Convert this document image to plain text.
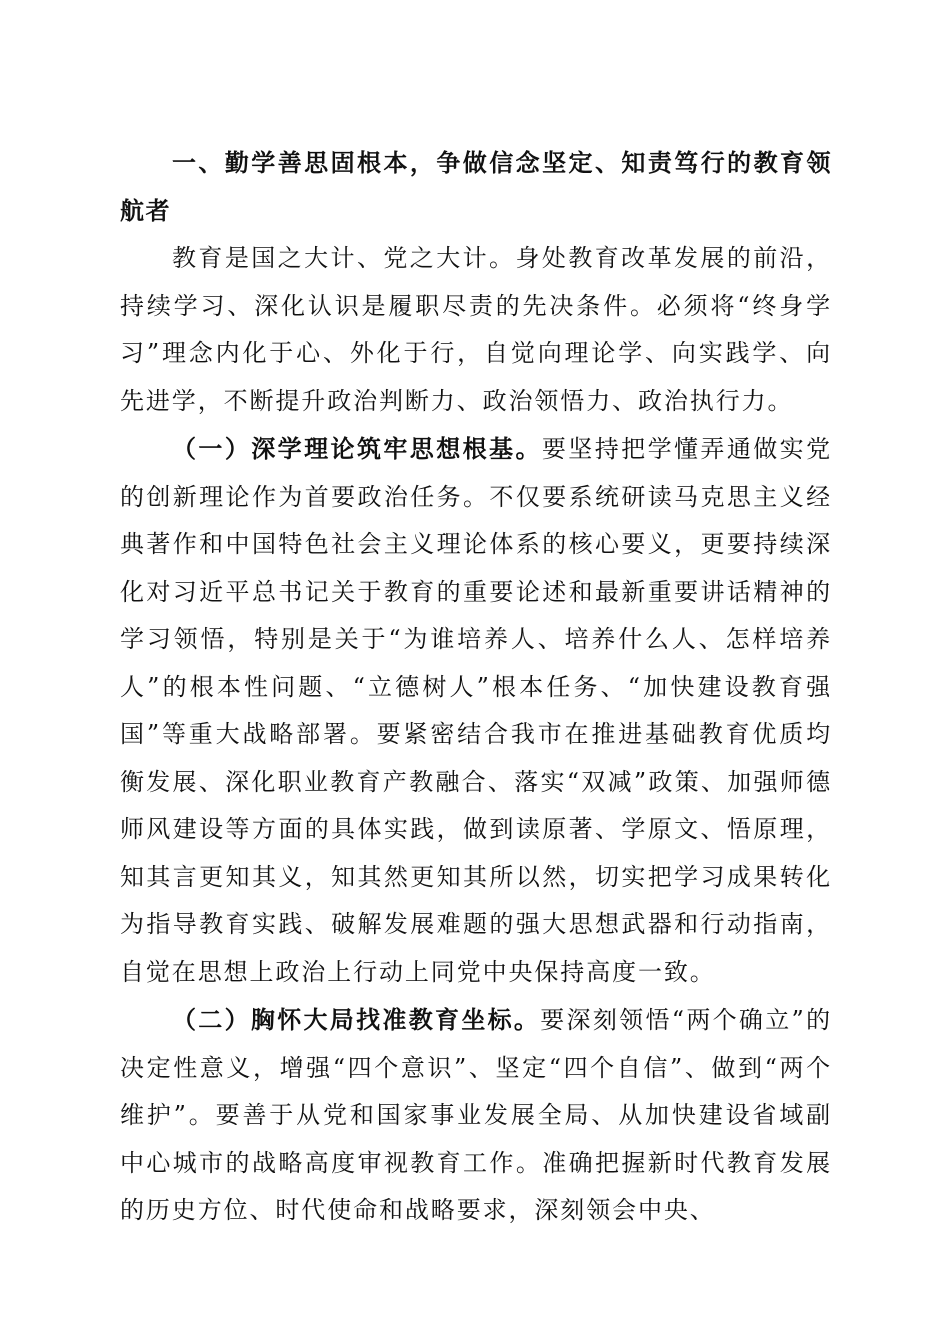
一、勤学善思固根本，争做信念坚定、知责笃行的教育领航者

教育是国之大计、党之大计。身处教育改革发展的前沿，持续学习、深化认识是履职尽责的先决条件。必须将“终身学习”理念内化于心、外化于行，自觉向理论学、向实践学、向先进学，不断提升政治判断力、政治领悟力、政治执行力。

（一）深学理论筑牢思想根基。要坚持把学懂弄通做实党的创新理论作为首要政治任务。不仅要系统研读马克思主义经典著作和中国特色社会主义理论体系的核心要义，更要持续深化对习近平总书记关于教育的重要论述和最新重要讲话精神的学习领悟，特别是关于“为谁培养人、培养什么人、怎样培养人”的根本性问题、“立德树人”根本任务、“加快建设教育强国”等重大战略部署。要紧密结合我市在推进基础教育优质均衡发展、深化职业教育产教融合、落实“双减”政策、加强师德师风建设等方面的具体实践，做到读原著、学原文、悟原理，知其言更知其义，知其然更知其所以然，切实把学习成果转化为指导教育实践、破解发展难题的强大思想武器和行动指南，自觉在思想上政治上行动上同党中央保持高度一致。

（二）胸怀大局找准教育坐标。要深刻领悟“两个确立”的决定性意义，增强“四个意识”、坚定“四个自信”、做到“两个维护”。要善于从党和国家事业发展全局、从加快建设省域副中心城市的战略高度审视教育工作。准确把握新时代教育发展的历史方位、时代使命和战略要求，深刻领会中央、
